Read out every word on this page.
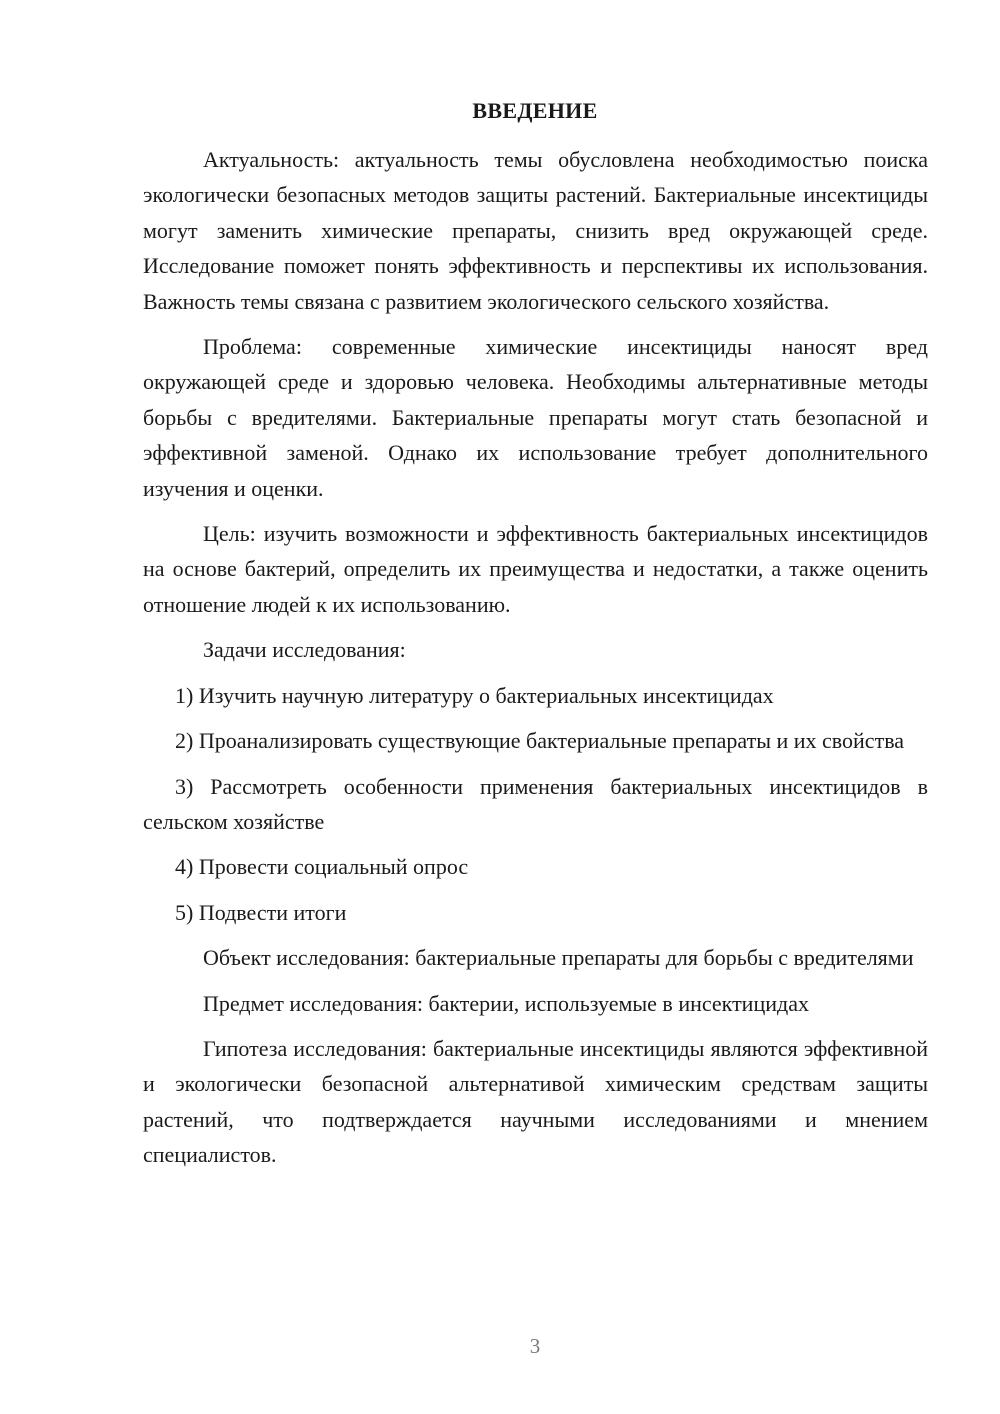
ВВЕДЕНИЕ

Актуальность: актуальность темы обусловлена необходимостью поиска экологически безопасных методов защиты растений. Бактериальные инсектициды могут заменить химические препараты, снизить вред окружающей среде. Исследование поможет понять эффективность и перспективы их использования. Важность темы связана с развитием экологического сельского хозяйства.

Проблема: современные химические инсектициды наносят вред окружающей среде и здоровью человека. Необходимы альтернативные методы борьбы с вредителями. Бактериальные препараты могут стать безопасной и эффективной заменой. Однако их использование требует дополнительного изучения и оценки.

Цель: изучить возможности и эффективность бактериальных инсектицидов на основе бактерий, определить их преимущества и недостатки, а также оценить отношение людей к их использованию.

Задачи исследования:

1) Изучить научную литературу о бактериальных инсектицидах

2) Проанализировать существующие бактериальные препараты и их свойства

3) Рассмотреть особенности применения бактериальных инсектицидов в сельском хозяйстве

4) Провести социальный опрос

5) Подвести итоги

Объект исследования: бактериальные препараты для борьбы с вредителями

Предмет исследования: бактерии, используемые в инсектицидах

Гипотеза исследования: бактериальные инсектициды являются эффективной и экологически безопасной альтернативой химическим средствам защиты растений, что подтверждается научными исследованиями и мнением специалистов.

3
